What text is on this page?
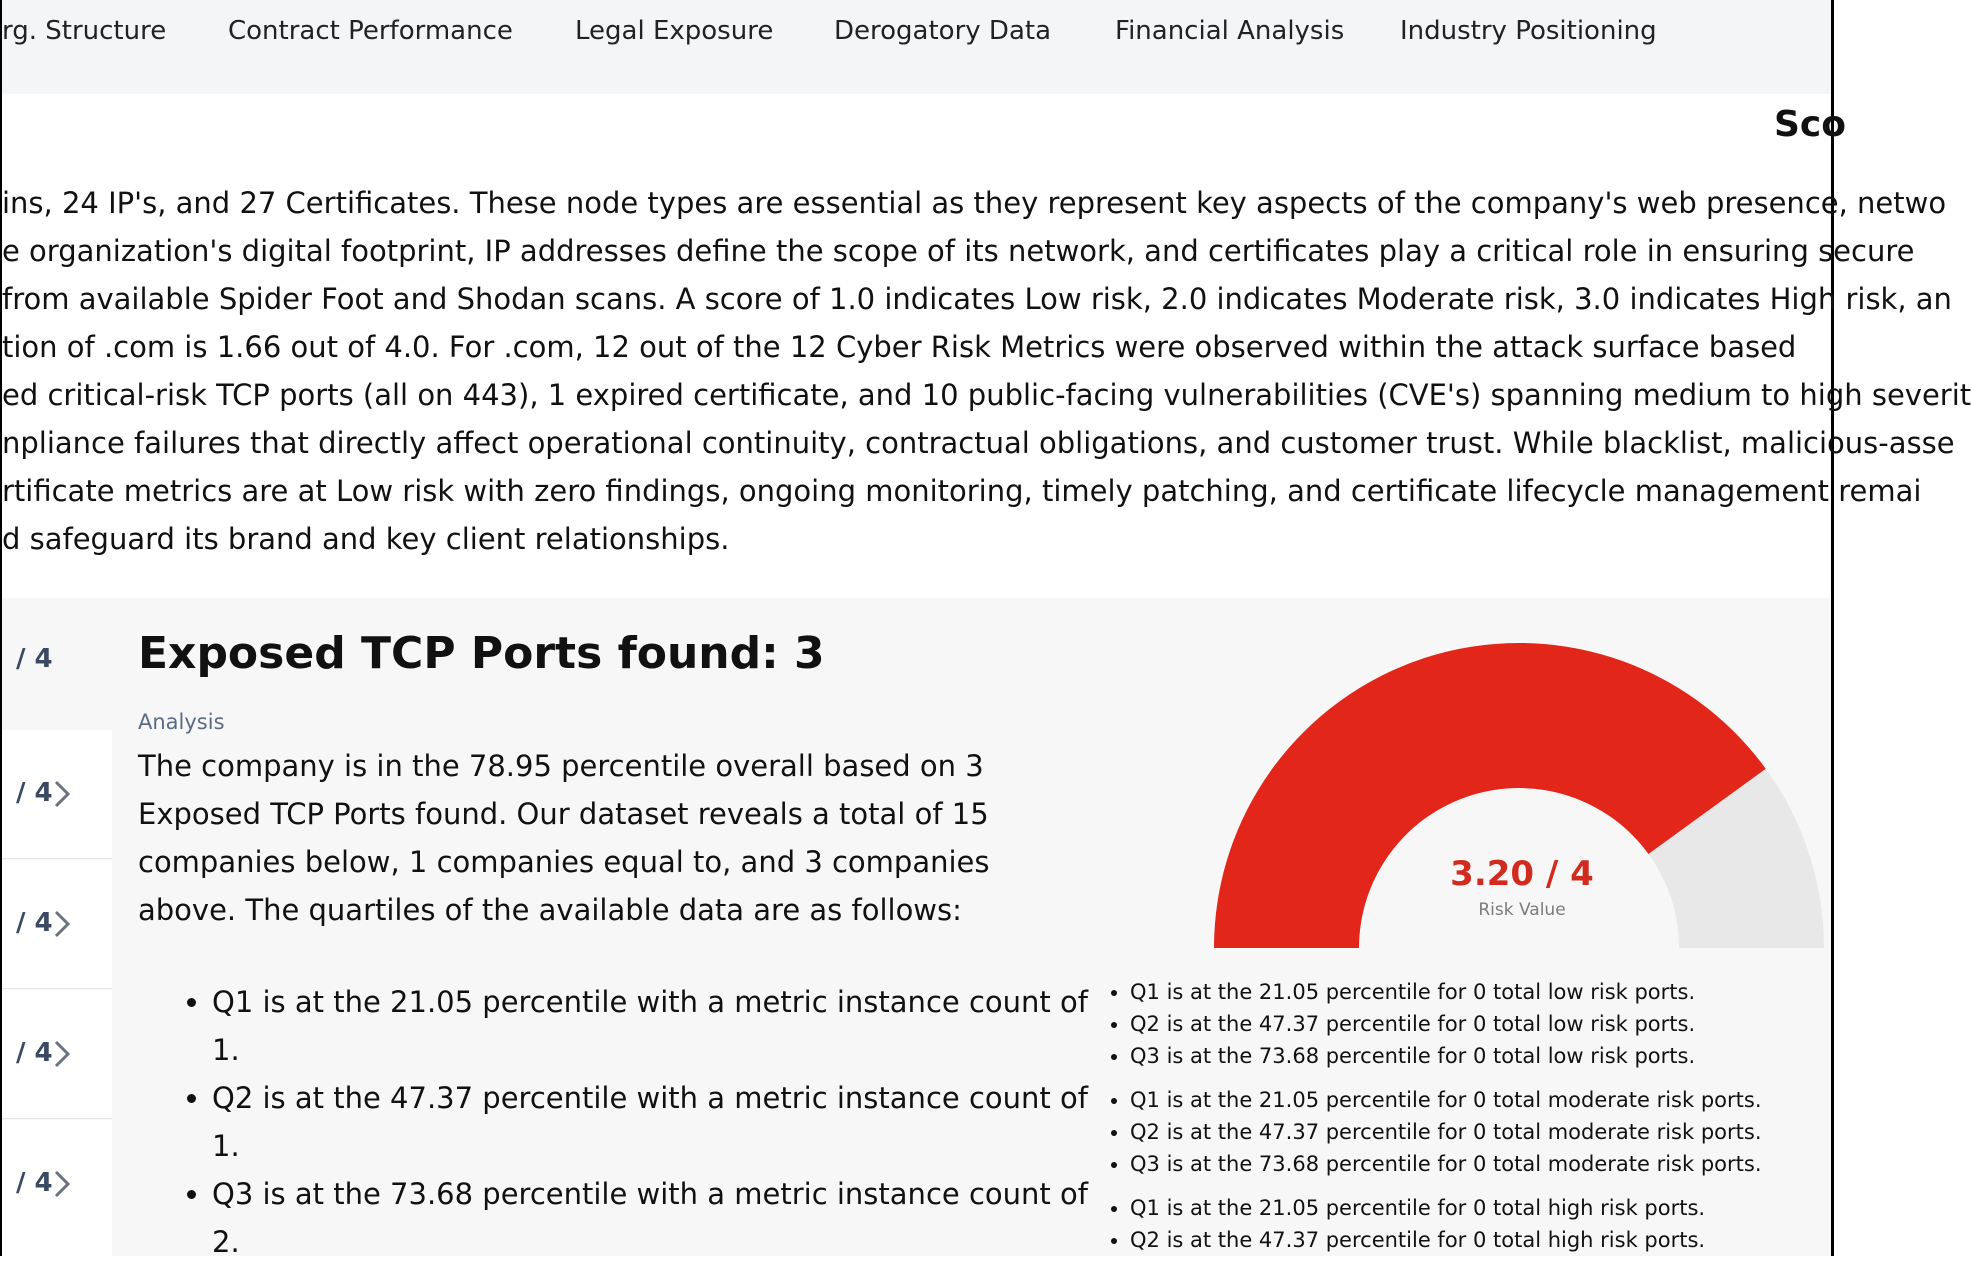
rg. Structure Contract Performance Legal Exposure Derogatory Data Financial Analysis Industry Positioning
Sco
ins, 24 IP's, and 27 Certificates. These node types are essential as they represent key aspects of the company's web presence, netwo
e organization's digital footprint, IP addresses define the scope of its network, and certificates play a critical role in ensuring secure
from available Spider Foot and Shodan scans. A score of 1.0 indicates Low risk, 2.0 indicates Moderate risk, 3.0 indicates High risk, an
tion of .com is 1.66 out of 4.0. For .com, 12 out of the 12 Cyber Risk Metrics were observed within the attack surface based
ed critical-risk TCP ports (all on 443), 1 expired certificate, and 10 public-facing vulnerabilities (CVE's) spanning medium to high severit
npliance failures that directly affect operational continuity, contractual obligations, and customer trust. While blacklist, malicious-asse
rtificate metrics are at Low risk with zero findings, ongoing monitoring, timely patching, and certificate lifecycle management remai
d safeguard its brand and key client relationships.
/ 4
/ 4
/ 4
/ 4
/ 4
Exposed TCP Ports found: 3
Analysis
The company is in the 78.95 percentile overall based on 3 Exposed TCP Ports found. Our dataset reveals a total of 15 companies below, 1 companies equal to, and 3 companies above. The quartiles of the available data are as follows:
• Q1 is at the 21.05 percentile with a metric instance count of 1.
• Q2 is at the 47.37 percentile with a metric instance count of 1.
• Q3 is at the 73.68 percentile with a metric instance count of 2.
3.20 / 4
Risk Value
• Q1 is at the 21.05 percentile for 0 total low risk ports.
• Q2 is at the 47.37 percentile for 0 total low risk ports.
• Q3 is at the 73.68 percentile for 0 total low risk ports.
• Q1 is at the 21.05 percentile for 0 total moderate risk ports.
• Q2 is at the 47.37 percentile for 0 total moderate risk ports.
• Q3 is at the 73.68 percentile for 0 total moderate risk ports.
• Q1 is at the 21.05 percentile for 0 total high risk ports.
• Q2 is at the 47.37 percentile for 0 total high risk ports.
